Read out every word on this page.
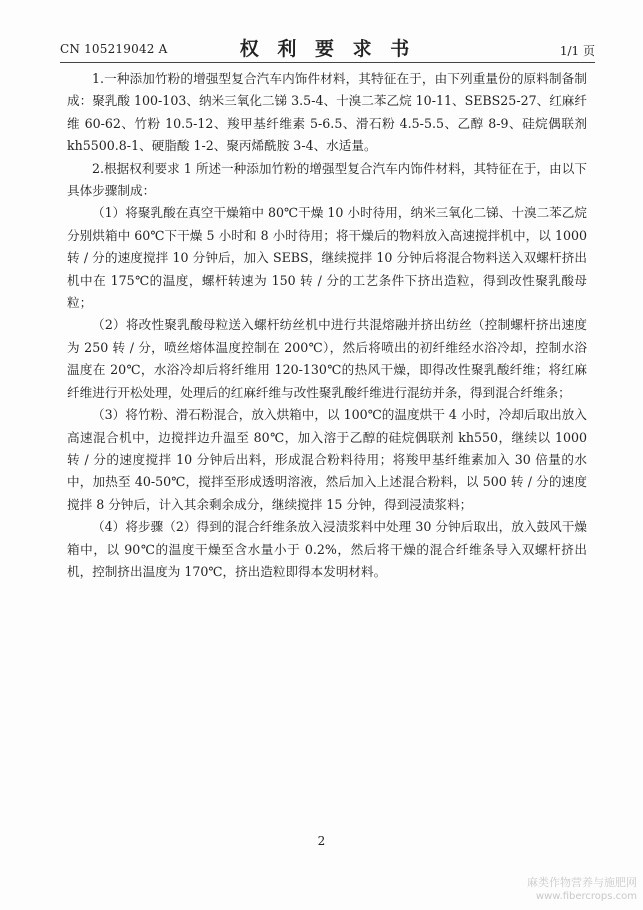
CN 105219042 A	权 利 要 求 书	1/1 页

1.一种添加竹粉的增强型复合汽车内饰件材料，其特征在于，由下列重量份的原料制备制成：聚乳酸 100-103、纳米三氧化二锑 3.5-4、十溴二苯乙烷 10-11、SEBS25-27、红麻纤维 60-62、竹粉 10.5-12、羧甲基纤维素 5-6.5、滑石粉 4.5-5.5、乙醇 8-9、硅烷偶联剂 kh5500.8-1、硬脂酸 1-2、聚丙烯酰胺 3-4、水适量。

2.根据权利要求 1 所述一种添加竹粉的增强型复合汽车内饰件材料，其特征在于，由以下具体步骤制成：

（1）将聚乳酸在真空干燥箱中 80℃干燥 10 小时待用，纳米三氧化二锑、十溴二苯乙烷分别烘箱中 60℃下干燥 5 小时和 8 小时待用；将干燥后的物料放入高速搅拌机中，以 1000 转 / 分的速度搅拌 10 分钟后，加入 SEBS，继续搅拌 10 分钟后将混合物料送入双螺杆挤出机中在 175℃的温度，螺杆转速为 150 转 / 分的工艺条件下挤出造粒，得到改性聚乳酸母粒；

（2）将改性聚乳酸母粒送入螺杆纺丝机中进行共混熔融并挤出纺丝（控制螺杆挤出速度为 250 转 / 分，喷丝熔体温度控制在 200℃），然后将喷出的初纤维经水浴冷却，控制水浴温度在 20℃，水浴冷却后将纤维用 120-130℃的热风干燥，即得改性聚乳酸纤维；将红麻纤维进行开松处理，处理后的红麻纤维与改性聚乳酸纤维进行混纺并条，得到混合纤维条；

（3）将竹粉、滑石粉混合，放入烘箱中，以 100℃的温度烘干 4 小时，冷却后取出放入高速混合机中，边搅拌边升温至 80℃，加入溶于乙醇的硅烷偶联剂 kh550，继续以 1000 转 / 分的速度搅拌 10 分钟后出料，形成混合粉料待用；将羧甲基纤维素加入 30 倍量的水中，加热至 40-50℃，搅拌至形成透明溶液，然后加入上述混合粉料，以 500 转 / 分的速度搅拌 8 分钟后，计入其余剩余成分，继续搅拌 15 分钟，得到浸渍浆料；

（4）将步骤（2）得到的混合纤维条放入浸渍浆料中处理 30 分钟后取出，放入鼓风干燥箱中，以 90℃的温度干燥至含水量小于 0.2%，然后将干燥的混合纤维条导入双螺杆挤出机，控制挤出温度为 170℃，挤出造粒即得本发明材料。

2
麻类作物营养与施肥网
www.fibercrops.com
